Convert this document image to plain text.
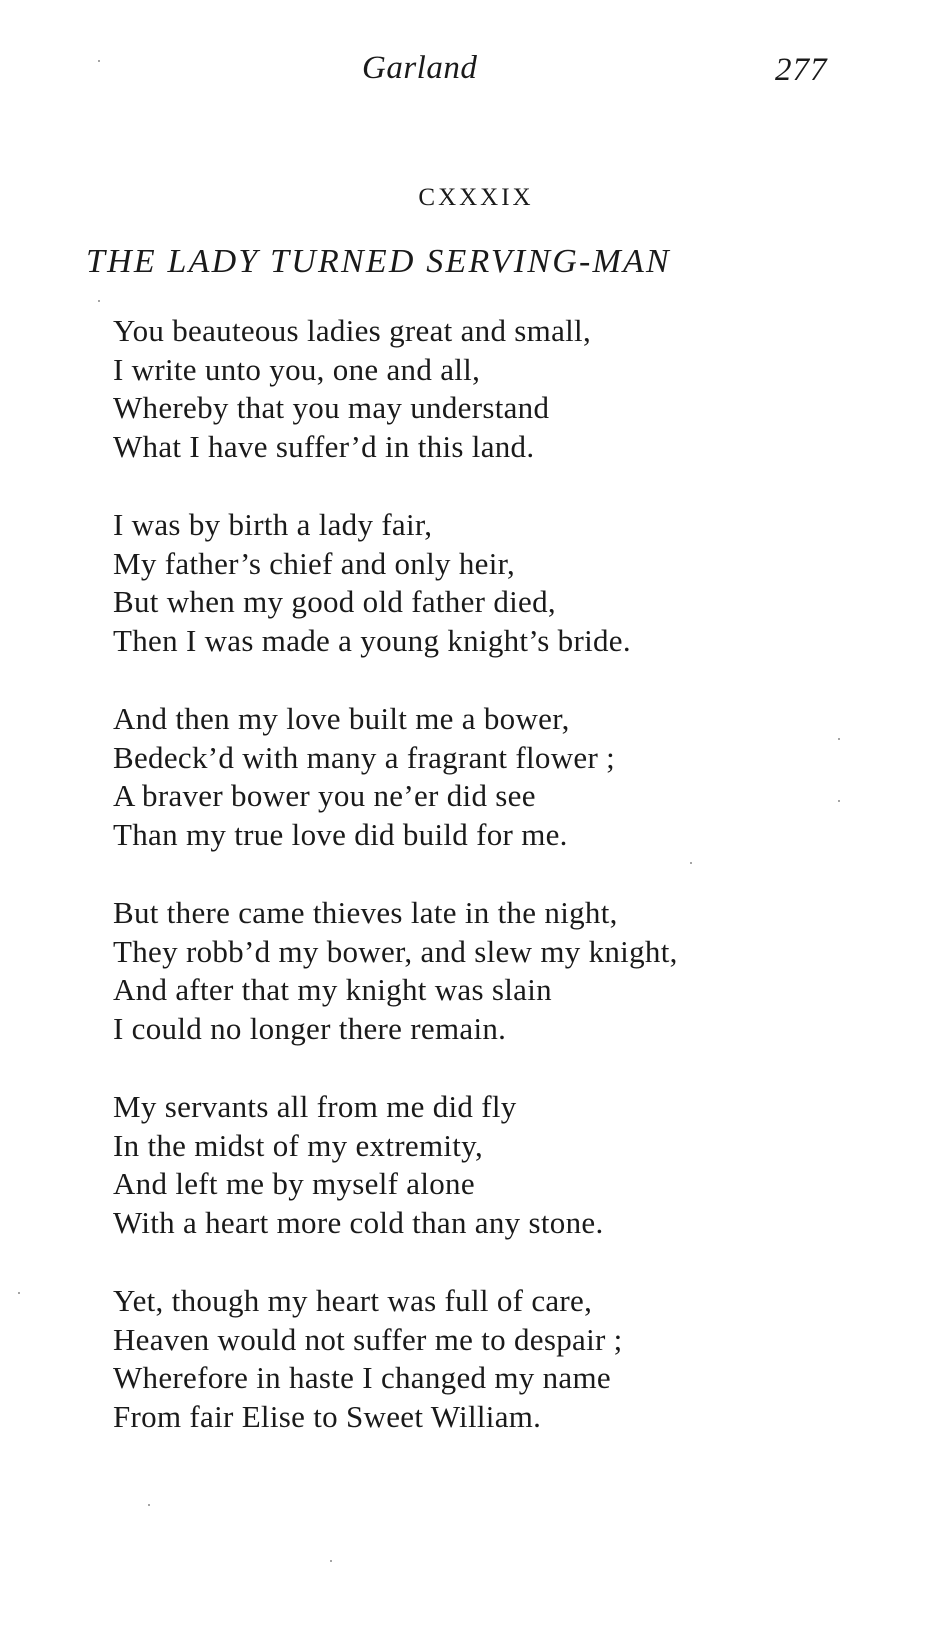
Garland	277
CXXXIX
THE LADY TURNED SERVING-MAN
You beauteous ladies great and small,
I write unto you, one and all,
Whereby that you may understand
What I have suffer’d in this land.
I was by birth a lady fair,
My father’s chief and only heir,
But when my good old father died,
Then I was made a young knight’s bride.
And then my love built me a bower,
Bedeck’d with many a fragrant flower ;
A braver bower you ne’er did see
Than my true love did build for me.
But there came thieves late in the night,
They robb’d my bower, and slew my knight,
And after that my knight was slain
I could no longer there remain.
My servants all from me did fly
In the midst of my extremity,
And left me by myself alone
With a heart more cold than any stone.
Yet, though my heart was full of care,
Heaven would not suffer me to despair ;
Wherefore in haste I changed my name
From fair Elise to Sweet William.
